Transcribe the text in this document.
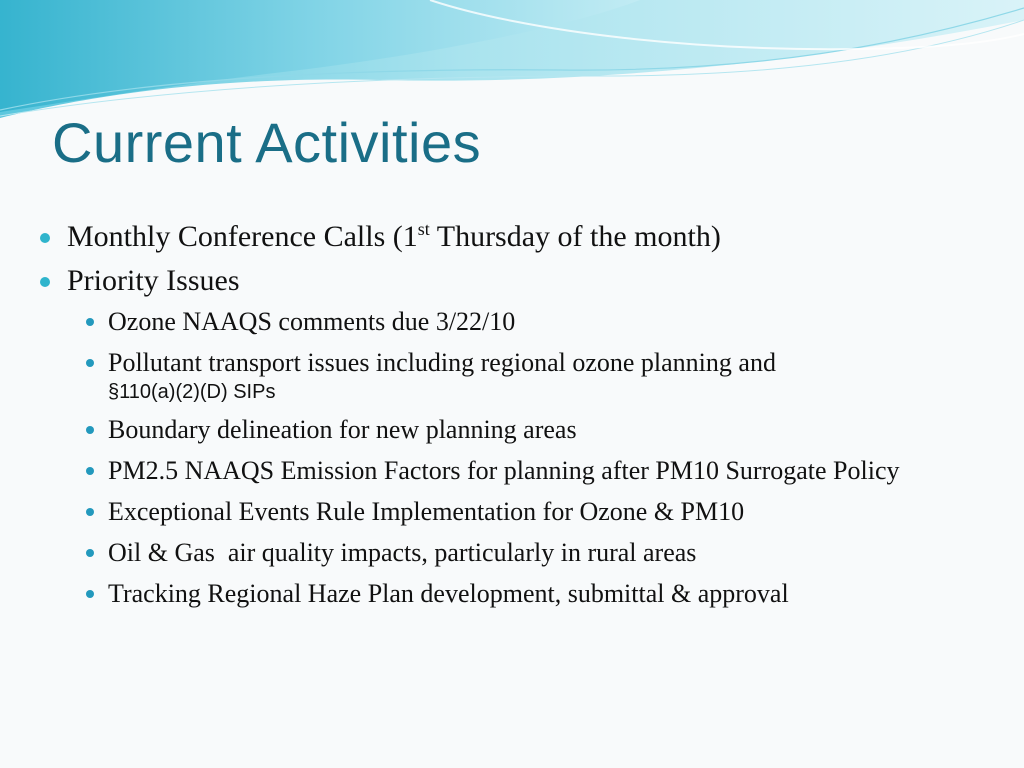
Current Activities
Monthly Conference Calls (1st Thursday of the month)
Priority Issues
Ozone NAAQS comments due 3/22/10
Pollutant transport issues including regional ozone planning and
§110(a)(2)(D) SIPs
Boundary delineation for new planning areas
PM2.5 NAAQS Emission Factors for planning after PM10 Surrogate Policy
Exceptional Events Rule Implementation for Ozone & PM10
Oil & Gas  air quality impacts, particularly in rural areas
Tracking Regional Haze Plan development, submittal & approval
